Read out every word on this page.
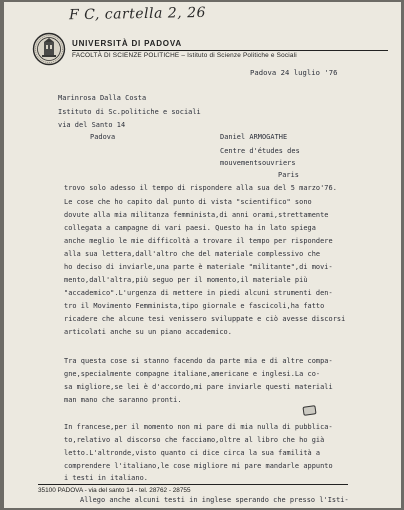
F C, cartella 2, 26
UNIVERSITÀ DI PADOVA
FACOLTÀ DI SCIENZE POLITICHE – Istituto di Scienze Politiche e Sociali
Padova 24 luglio '76
Marinrosa Dalla Costa
Istituto di Sc.politiche e sociali
via del Santo 14
Padova	Daniel ARMOGATHE
Centre d'études des
mouvementsouvriers
Paris
trovo solo adesso il tempo di rispondere alla sua del 5 marzo'76.
Le cose che ho capito dal punto di vista "scientifico" sono
dovute alla mia militanza femminista,di anni orami,strettamente
collegata a campagne di vari paesi. Questo ha in lato spiega
anche meglio le mie difficoltà a trovare il tempo per rispondere
alla sua lettera,dall'altro che del materiale complessivo che
ho deciso di inviarle,una parte è materiale "militante",di movi-
mento,dall'altra,più seguo per il momento,il materiale più
"accademico".L'urgenza di mettere in piedi alcuni strumenti den-
tro il Movimento Femminista,tipo giornale e fascicoli,ha fatto
ricadere che alcune tesi venissero sviluppate e ciò avesse discorsi
articolati anche su un piano accademico.
Tra questa cose si stanno facendo da parte mia e di altre compa-
gne,specialmente compagne italiane,americane e inglesi.La co-
sa migliore,se lei è d'accordo,mi pare inviarle questi materiali
man mano che saranno pronti.
In francese,per il momento non mi pare di mia nulla di pubblica-
to,relativo al discorso che facciamo,oltre al libro che ho già
letto.L'altronde,visto quanto ci dice circa la sua familità a
comprendere l'italiano,le cose migliore mi pare mandarle appunto
i testi in italiano.
35100 PADOVA - via del santo 14 - tel. 28762 - 28755
Allego anche alcuni testi in inglese sperando che presso l'Isti-
